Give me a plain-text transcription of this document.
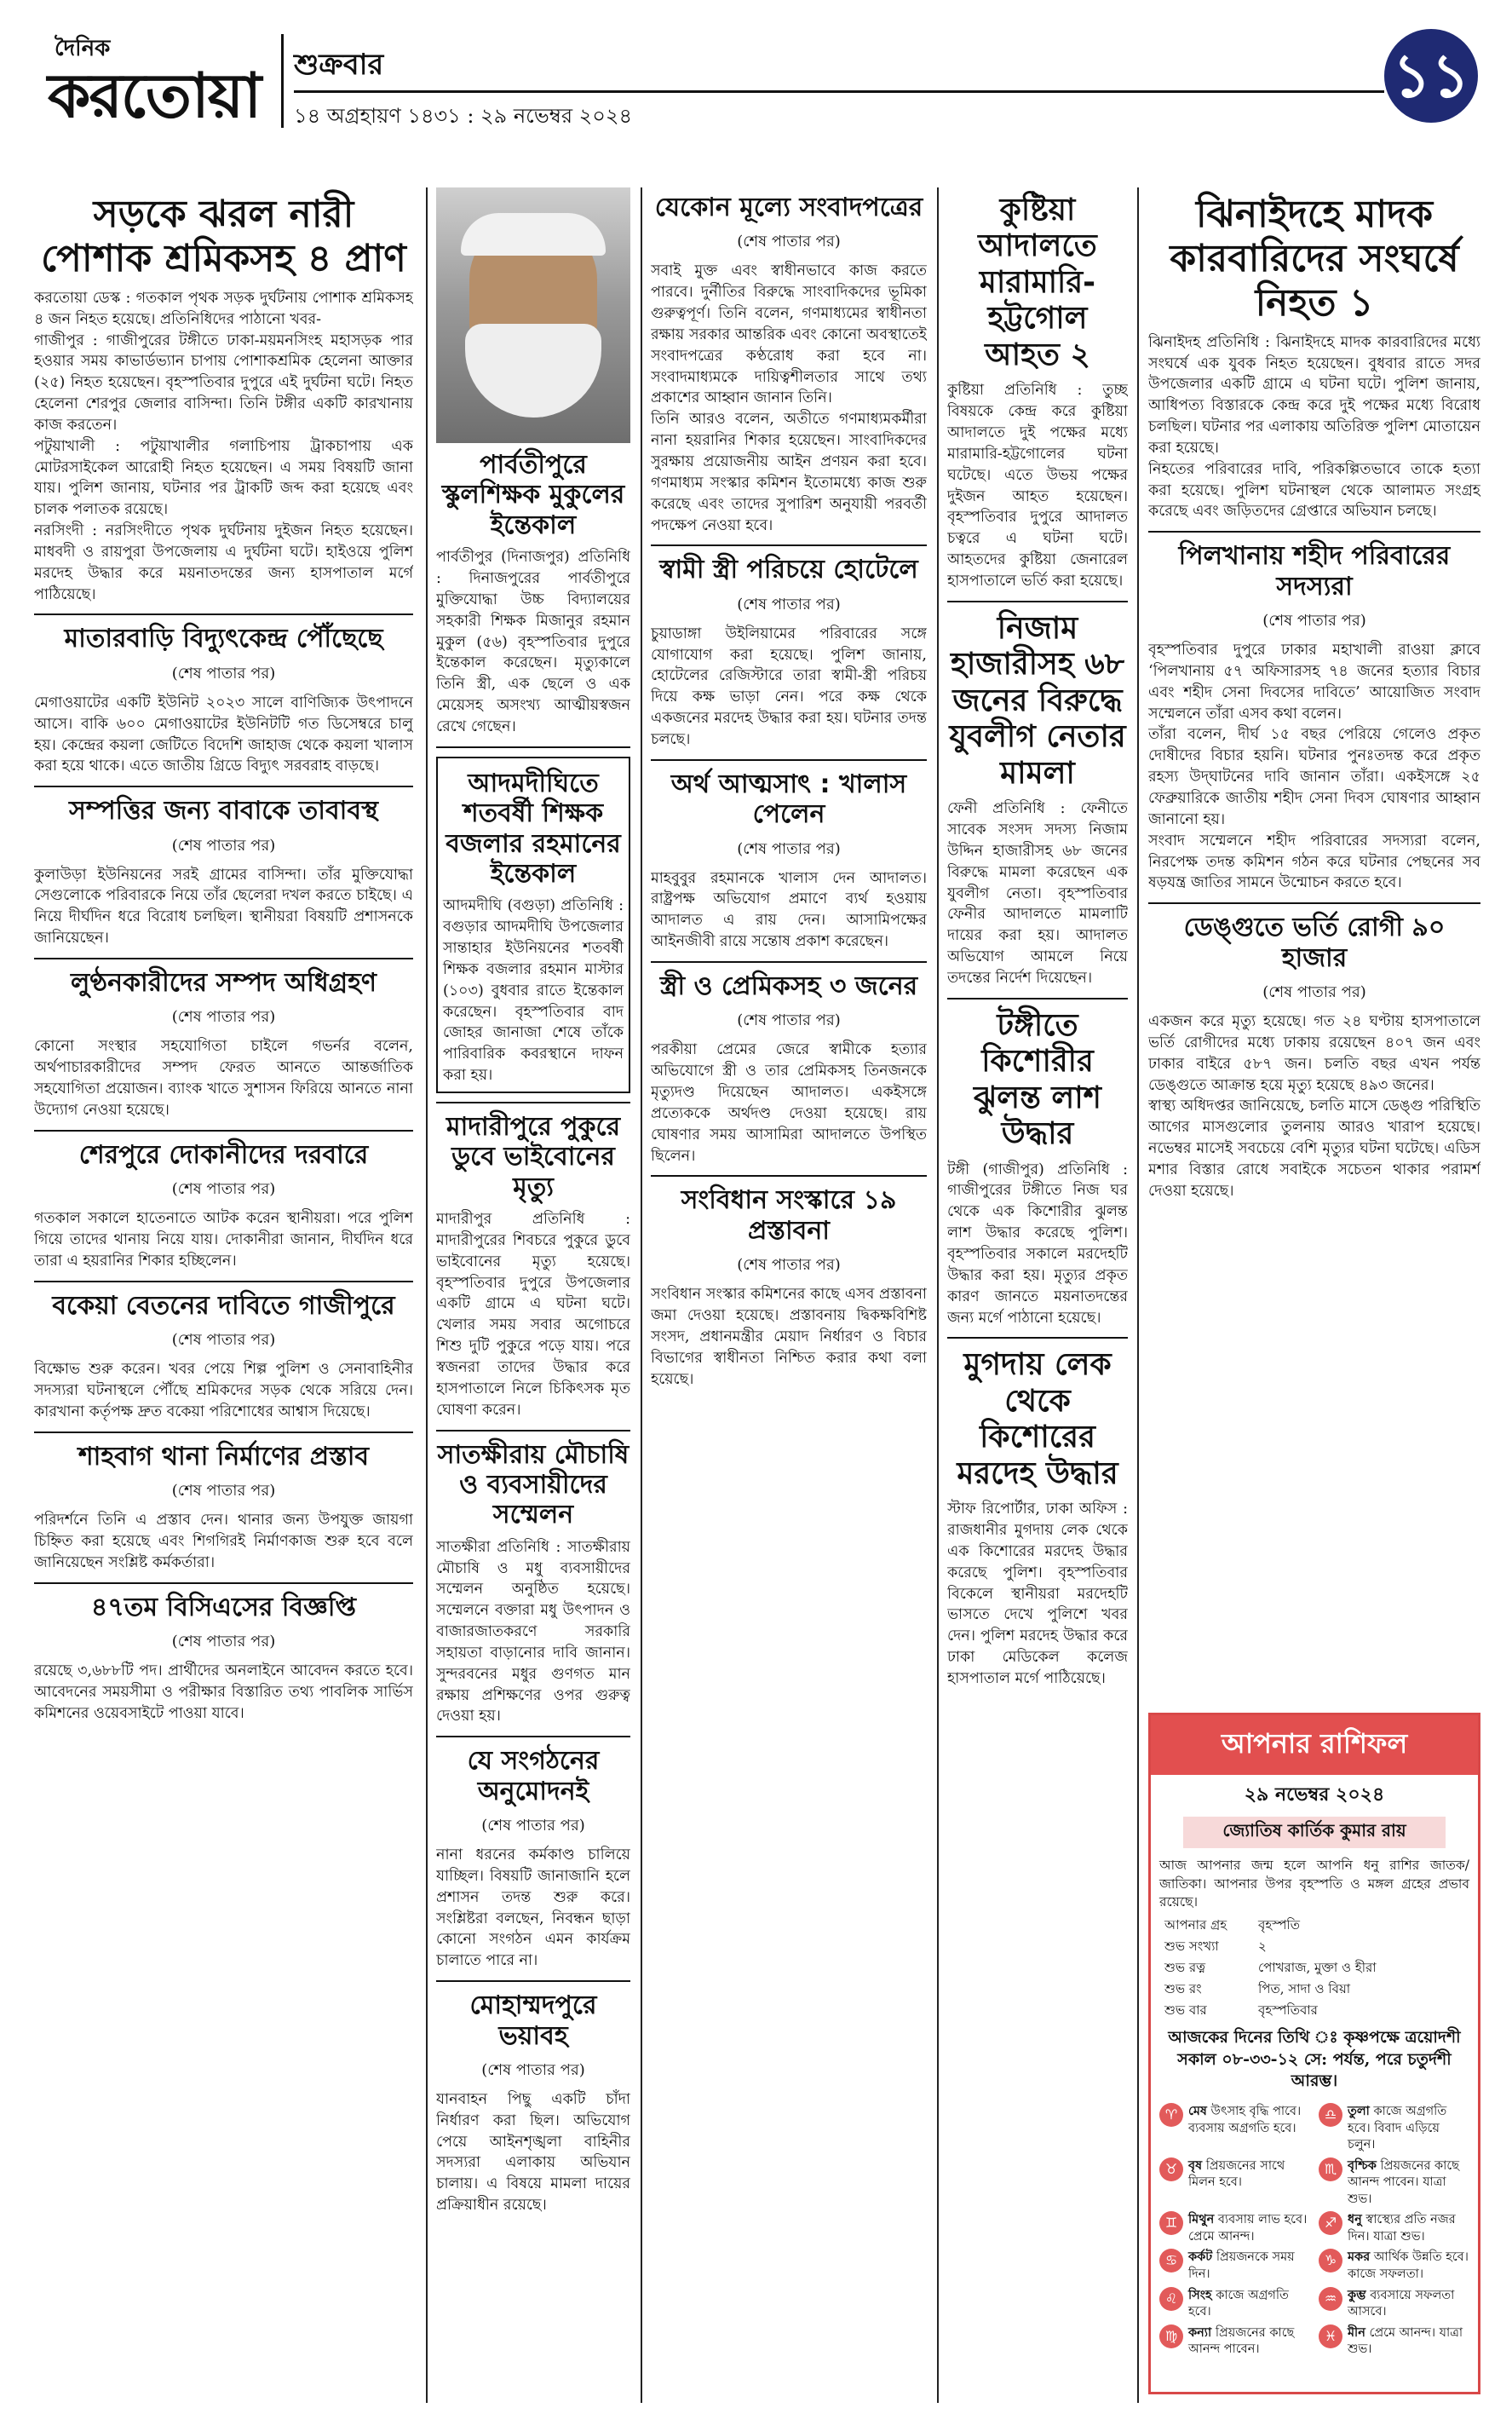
দৈনিক
করতোয়া শুক্রবার
১৪ অগ্রহায়ণ ১৪৩১ : ২৯ নভেম্বর ২০২৪
১১
সড়কে ঝরল নারী পোশাক শ্রমিকসহ ৪ প্রাণ

করতোয়া ডেস্ক : গতকাল পৃথক সড়ক দুর্ঘটনায় পোশাক শ্রমিকসহ ৪ জন নিহত হয়েছে। প্রতিনিধিদের পাঠানো খবর-

গাজীপুর : গাজীপুরের টঙ্গীতে ঢাকা-ময়মনসিংহ মহাসড়ক পার হওয়ার সময় কাভার্ডভ্যান চাপায় পোশাকশ্রমিক হেলেনা আক্তার (২৫) নিহত হয়েছেন। বৃহস্পতিবার দুপুরে এই দুর্ঘটনা ঘটে। নিহত হেলেনা শেরপুর জেলার বাসিন্দা। তিনি টঙ্গীর একটি কারখানায় কাজ করতেন।

পটুয়াখালী : পটুয়াখালীর গলাচিপায় ট্রাকচাপায় এক মোটরসাইকেল আরোহী নিহত হয়েছেন। এ সময় বিষয়টি জানা যায়। পুলিশ জানায়, ঘটনার পর ট্রাকটি জব্দ করা হয়েছে এবং চালক পলাতক রয়েছে।

নরসিংদী : নরসিংদীতে পৃথক দুর্ঘটনায় দুইজন নিহত হয়েছেন। মাধবদী ও রায়পুরা উপজেলায় এ দুর্ঘটনা ঘটে। হাইওয়ে পুলিশ মরদেহ উদ্ধার করে ময়নাতদন্তের জন্য হাসপাতাল মর্গে পাঠিয়েছে।

মাতারবাড়ি বিদ্যুৎকেন্দ্র পৌঁছেছে
(শেষ পাতার পর)

মেগাওয়াটের একটি ইউনিট ২০২৩ সালে বাণিজ্যিক উৎপাদনে আসে। বাকি ৬০০ মেগাওয়াটের ইউনিটটি গত ডিসেম্বরে চালু হয়। কেন্দ্রের কয়লা জেটিতে বিদেশি জাহাজ থেকে কয়লা খালাস করা হয়ে থাকে। এতে জাতীয় গ্রিডে বিদ্যুৎ সরবরাহ বাড়ছে।

সম্পত্তির জন্য বাবাকে তাবাবস্থ
(শেষ পাতার পর)

কুলাউড়া ইউনিয়নের সরই গ্রামের বাসিন্দা। তাঁর মুক্তিযোদ্ধা সেগুলোকে পরিবারকে নিয়ে তাঁর ছেলেরা দখল করতে চাইছে। এ নিয়ে দীর্ঘদিন ধরে বিরোধ চলছিল। স্থানীয়রা বিষয়টি প্রশাসনকে জানিয়েছেন।

লুণ্ঠনকারীদের সম্পদ অধিগ্রহণ
(শেষ পাতার পর)

কোনো সংস্থার সহযোগিতা চাইলে গভর্নর বলেন, অর্থপাচারকারীদের সম্পদ ফেরত আনতে আন্তর্জাতিক সহযোগিতা প্রয়োজন। ব্যাংক খাতে সুশাসন ফিরিয়ে আনতে নানা উদ্যোগ নেওয়া হয়েছে।

শেরপুরে দোকানীদের দরবারে
(শেষ পাতার পর)

গতকাল সকালে হাতেনাতে আটক করেন স্থানীয়রা। পরে পুলিশ গিয়ে তাদের থানায় নিয়ে যায়। দোকানীরা জানান, দীর্ঘদিন ধরে তারা এ হয়রানির শিকার হচ্ছিলেন।

বকেয়া বেতনের দাবিতে গাজীপুরে
(শেষ পাতার পর)

বিক্ষোভ শুরু করেন। খবর পেয়ে শিল্প পুলিশ ও সেনাবাহিনীর সদস্যরা ঘটনাস্থলে পৌঁছে শ্রমিকদের সড়ক থেকে সরিয়ে দেন। কারখানা কর্তৃপক্ষ দ্রুত বকেয়া পরিশোধের আশ্বাস দিয়েছে।

শাহবাগ থানা নির্মাণের প্রস্তাব
(শেষ পাতার পর)

পরিদর্শনে তিনি এ প্রস্তাব দেন। থানার জন্য উপযুক্ত জায়গা চিহ্নিত করা হয়েছে এবং শিগগিরই নির্মাণকাজ শুরু হবে বলে জানিয়েছেন সংশ্লিষ্ট কর্মকর্তারা।

৪৭তম বিসিএসের বিজ্ঞপ্তি
(শেষ পাতার পর)

রয়েছে ৩,৬৮৮টি পদ। প্রার্থীদের অনলাইনে আবেদন করতে হবে। আবেদনের সময়সীমা ও পরীক্ষার বিস্তারিত তথ্য পাবলিক সার্ভিস কমিশনের ওয়েবসাইটে পাওয়া যাবে।

পার্বতীপুরে স্কুলশিক্ষক মুকুলের ইন্তেকাল

পার্বতীপুর (দিনাজপুর) প্রতিনিধি : দিনাজপুরের পার্বতীপুরে মুক্তিযোদ্ধা উচ্চ বিদ্যালয়ের সহকারী শিক্ষক মিজানুর রহমান মুকুল (৫৬) বৃহস্পতিবার দুপুরে ইন্তেকাল করেছেন। মৃত্যুকালে তিনি স্ত্রী, এক ছেলে ও এক মেয়েসহ অসংখ্য আত্মীয়স্বজন রেখে গেছেন।

আদমদীঘিতে শতবর্ষী শিক্ষক বজলার রহমানের ইন্তেকাল

আদমদীঘি (বগুড়া) প্রতিনিধি : বগুড়ার আদমদীঘি উপজেলার সান্তাহার ইউনিয়নের শতবর্ষী শিক্ষক বজলার রহমান মাস্টার (১০৩) বুধবার রাতে ইন্তেকাল করেছেন। বৃহস্পতিবার বাদ জোহর জানাজা শেষে তাঁকে পারিবারিক কবরস্থানে দাফন করা হয়।

মাদারীপুরে পুকুরে ডুবে ভাইবোনের মৃত্যু

মাদারীপুর প্রতিনিধি : মাদারীপুরের শিবচরে পুকুরে ডুবে ভাইবোনের মৃত্যু হয়েছে। বৃহস্পতিবার দুপুরে উপজেলার একটি গ্রামে এ ঘটনা ঘটে। খেলার সময় সবার অগোচরে শিশু দুটি পুকুরে পড়ে যায়। পরে স্বজনরা তাদের উদ্ধার করে হাসপাতালে নিলে চিকিৎসক মৃত ঘোষণা করেন।

সাতক্ষীরায় মৌচাষি ও ব্যবসায়ীদের সম্মেলন

সাতক্ষীরা প্রতিনিধি : সাতক্ষীরায় মৌচাষি ও মধু ব্যবসায়ীদের সম্মেলন অনুষ্ঠিত হয়েছে। সম্মেলনে বক্তারা মধু উৎপাদন ও বাজারজাতকরণে সরকারি সহায়তা বাড়ানোর দাবি জানান। সুন্দরবনের মধুর গুণগত মান রক্ষায় প্রশিক্ষণের ওপর গুরুত্ব দেওয়া হয়।

যে সংগঠনের অনুমোদনই
(শেষ পাতার পর)

নানা ধরনের কর্মকাণ্ড চালিয়ে যাচ্ছিল। বিষয়টি জানাজানি হলে প্রশাসন তদন্ত শুরু করে। সংশ্লিষ্টরা বলছেন, নিবন্ধন ছাড়া কোনো সংগঠন এমন কার্যক্রম চালাতে পারে না।

মোহাম্মদপুরে ভয়াবহ
(শেষ পাতার পর)

যানবাহন পিছু একটি চাঁদা নির্ধারণ করা ছিল। অভিযোগ পেয়ে আইনশৃঙ্খলা বাহিনীর সদস্যরা এলাকায় অভিযান চালায়। এ বিষয়ে মামলা দায়ের প্রক্রিয়াধীন রয়েছে।

যেকোন মূল্যে সংবাদপত্রের
(শেষ পাতার পর)

সবাই মুক্ত এবং স্বাধীনভাবে কাজ করতে পারবে। দুর্নীতির বিরুদ্ধে সাংবাদিকদের ভূমিকা গুরুত্বপূর্ণ। তিনি বলেন, গণমাধ্যমের স্বাধীনতা রক্ষায় সরকার আন্তরিক এবং কোনো অবস্থাতেই সংবাদপত্রের কণ্ঠরোধ করা হবে না। সংবাদমাধ্যমকে দায়িত্বশীলতার সাথে তথ্য প্রকাশের আহ্বান জানান তিনি।

তিনি আরও বলেন, অতীতে গণমাধ্যমকর্মীরা নানা হয়রানির শিকার হয়েছেন। সাংবাদিকদের সুরক্ষায় প্রয়োজনীয় আইন প্রণয়ন করা হবে। গণমাধ্যম সংস্কার কমিশন ইতোমধ্যে কাজ শুরু করেছে এবং তাদের সুপারিশ অনুযায়ী পরবর্তী পদক্ষেপ নেওয়া হবে।

স্বামী স্ত্রী পরিচয়ে হোটেলে
(শেষ পাতার পর)

চুয়াডাঙ্গা উইলিয়ামের পরিবারের সঙ্গে যোগাযোগ করা হয়েছে। পুলিশ জানায়, হোটেলের রেজিস্টারে তারা স্বামী-স্ত্রী পরিচয় দিয়ে কক্ষ ভাড়া নেন। পরে কক্ষ থেকে একজনের মরদেহ উদ্ধার করা হয়। ঘটনার তদন্ত চলছে।

অর্থ আত্মসাৎ : খালাস পেলেন
(শেষ পাতার পর)

মাহবুবুর রহমানকে খালাস দেন আদালত। রাষ্ট্রপক্ষ অভিযোগ প্রমাণে ব্যর্থ হওয়ায় আদালত এ রায় দেন। আসামিপক্ষের আইনজীবী রায়ে সন্তোষ প্রকাশ করেছেন।

স্ত্রী ও প্রেমিকসহ ৩ জনের
(শেষ পাতার পর)

পরকীয়া প্রেমের জেরে স্বামীকে হত্যার অভিযোগে স্ত্রী ও তার প্রেমিকসহ তিনজনকে মৃত্যুদণ্ড দিয়েছেন আদালত। একইসঙ্গে প্রত্যেককে অর্থদণ্ড দেওয়া হয়েছে। রায় ঘোষণার সময় আসামিরা আদালতে উপস্থিত ছিলেন।

সংবিধান সংস্কারে ১৯ প্রস্তাবনা
(শেষ পাতার পর)

সংবিধান সংস্কার কমিশনের কাছে এসব প্রস্তাবনা জমা দেওয়া হয়েছে। প্রস্তাবনায় দ্বিকক্ষবিশিষ্ট সংসদ, প্রধানমন্ত্রীর মেয়াদ নির্ধারণ ও বিচার বিভাগের স্বাধীনতা নিশ্চিত করার কথা বলা হয়েছে।

কুষ্টিয়া আদালতে মারামারি-হট্টগোল আহত ২

কুষ্টিয়া প্রতিনিধি : তুচ্ছ বিষয়কে কেন্দ্র করে কুষ্টিয়া আদালতে দুই পক্ষের মধ্যে মারামারি-হট্টগোলের ঘটনা ঘটেছে। এতে উভয় পক্ষের দুইজন আহত হয়েছেন। বৃহস্পতিবার দুপুরে আদালত চত্বরে এ ঘটনা ঘটে। আহতদের কুষ্টিয়া জেনারেল হাসপাতালে ভর্তি করা হয়েছে।

নিজাম হাজারীসহ ৬৮ জনের বিরুদ্ধে যুবলীগ নেতার মামলা

ফেনী প্রতিনিধি : ফেনীতে সাবেক সংসদ সদস্য নিজাম উদ্দিন হাজারীসহ ৬৮ জনের বিরুদ্ধে মামলা করেছেন এক যুবলীগ নেতা। বৃহস্পতিবার ফেনীর আদালতে মামলাটি দায়ের করা হয়। আদালত অভিযোগ আমলে নিয়ে তদন্তের নির্দেশ দিয়েছেন।

টঙ্গীতে কিশোরীর ঝুলন্ত লাশ উদ্ধার

টঙ্গী (গাজীপুর) প্রতিনিধি : গাজীপুরের টঙ্গীতে নিজ ঘর থেকে এক কিশোরীর ঝুলন্ত লাশ উদ্ধার করেছে পুলিশ। বৃহস্পতিবার সকালে মরদেহটি উদ্ধার করা হয়। মৃত্যুর প্রকৃত কারণ জানতে ময়নাতদন্তের জন্য মর্গে পাঠানো হয়েছে।

মুগদায় লেক থেকে কিশোরের মরদেহ উদ্ধার

স্টাফ রিপোর্টার, ঢাকা অফিস : রাজধানীর মুগদায় লেক থেকে এক কিশোরের মরদেহ উদ্ধার করেছে পুলিশ। বৃহস্পতিবার বিকেলে স্থানীয়রা মরদেহটি ভাসতে দেখে পুলিশে খবর দেন। পুলিশ মরদেহ উদ্ধার করে ঢাকা মেডিকেল কলেজ হাসপাতাল মর্গে পাঠিয়েছে।

ঝিনাইদহে মাদক কারবারিদের সংঘর্ষে নিহত ১

ঝিনাইদহ প্রতিনিধি : ঝিনাইদহে মাদক কারবারিদের মধ্যে সংঘর্ষে এক যুবক নিহত হয়েছেন। বুধবার রাতে সদর উপজেলার একটি গ্রামে এ ঘটনা ঘটে। পুলিশ জানায়, আধিপত্য বিস্তারকে কেন্দ্র করে দুই পক্ষের মধ্যে বিরোধ চলছিল। ঘটনার পর এলাকায় অতিরিক্ত পুলিশ মোতায়েন করা হয়েছে।

নিহতের পরিবারের দাবি, পরিকল্পিতভাবে তাকে হত্যা করা হয়েছে। পুলিশ ঘটনাস্থল থেকে আলামত সংগ্রহ করেছে এবং জড়িতদের গ্রেপ্তারে অভিযান চলছে।

পিলখানায় শহীদ পরিবারের সদস্যরা
(শেষ পাতার পর)

বৃহস্পতিবার দুপুরে ঢাকার মহাখালী রাওয়া ক্লাবে ‘পিলখানায় ৫৭ অফিসারসহ ৭৪ জনের হত্যার বিচার এবং শহীদ সেনা দিবসের দাবিতে’ আয়োজিত সংবাদ সম্মেলনে তাঁরা এসব কথা বলেন।

তাঁরা বলেন, দীর্ঘ ১৫ বছর পেরিয়ে গেলেও প্রকৃত দোষীদের বিচার হয়নি। ঘটনার পুনঃতদন্ত করে প্রকৃত রহস্য উদ্‌ঘাটনের দাবি জানান তাঁরা। একইসঙ্গে ২৫ ফেব্রুয়ারিকে জাতীয় শহীদ সেনা দিবস ঘোষণার আহ্বান জানানো হয়।

সংবাদ সম্মেলনে শহীদ পরিবারের সদস্যরা বলেন, নিরপেক্ষ তদন্ত কমিশন গঠন করে ঘটনার পেছনের সব ষড়যন্ত্র জাতির সামনে উন্মোচন করতে হবে।

ডেঙ্গুতে ভর্তি রোগী ৯০ হাজার
(শেষ পাতার পর)

একজন করে মৃত্যু হয়েছে। গত ২৪ ঘণ্টায় হাসপাতালে ভর্তি রোগীদের মধ্যে ঢাকায় রয়েছেন ৪০৭ জন এবং ঢাকার বাইরে ৫৮৭ জন। চলতি বছর এখন পর্যন্ত ডেঙ্গুতে আক্রান্ত হয়ে মৃত্যু হয়েছে ৪৯৩ জনের।

স্বাস্থ্য অধিদপ্তর জানিয়েছে, চলতি মাসে ডেঙ্গু পরিস্থিতি আগের মাসগুলোর তুলনায় আরও খারাপ হয়েছে। নভেম্বর মাসেই সবচেয়ে বেশি মৃত্যুর ঘটনা ঘটেছে। এডিস মশার বিস্তার রোধে সবাইকে সচেতন থাকার পরামর্শ দেওয়া হয়েছে।

আপনার রাশিফল
২৯ নভেম্বর ২০২৪
জ্যোতিষ কার্তিক কুমার রায়
আজ আপনার জন্ম হলে আপনি ধনু রাশির জাতক/জাতিকা। আপনার উপর বৃহস্পতি ও মঙ্গল গ্রহের প্রভাব রয়েছে।
আপনার গ্রহ	বৃহস্পতি
শুভ সংখ্যা	২
শুভ রত্ন	পোখরাজ, মুক্তা ও হীরা
শুভ রং	পিত, সাদা ও বিয়া
শুভ বার	বৃহস্পতিবার
আজকের দিনের তিথি ঃ কৃষ্ণপক্ষে ত্রয়োদশী সকাল ০৮-৩৩-১২ সে: পর্যন্ত, পরে চতুর্দশী আরম্ভ।
♈ মেষ উৎসাহ বৃদ্ধি পাবে। ব্যবসায় অগ্রগতি হবে।
♎ তুলা কাজে অগ্রগতি হবে। বিবাদ এড়িয়ে চলুন।
♉ বৃষ প্রিয়জনের সাথে মিলন হবে।
♏ বৃশ্চিক প্রিয়জনের কাছে আনন্দ পাবেন। যাত্রা শুভ।
♊ মিথুন ব্যবসায় লাভ হবে। প্রেমে আনন্দ।
♐ ধনু স্বাস্থ্যের প্রতি নজর দিন। যাত্রা শুভ।
♋ কর্কট প্রিয়জনকে সময় দিন।
♑ মকর আর্থিক উন্নতি হবে। কাজে সফলতা।
♌ সিংহ কাজে অগ্রগতি হবে।
♒ কুম্ভ ব্যবসায়ে সফলতা আসবে।
♍ কন্যা প্রিয়জনের কাছে আনন্দ পাবেন।
♓ মীন প্রেমে আনন্দ। যাত্রা শুভ।
